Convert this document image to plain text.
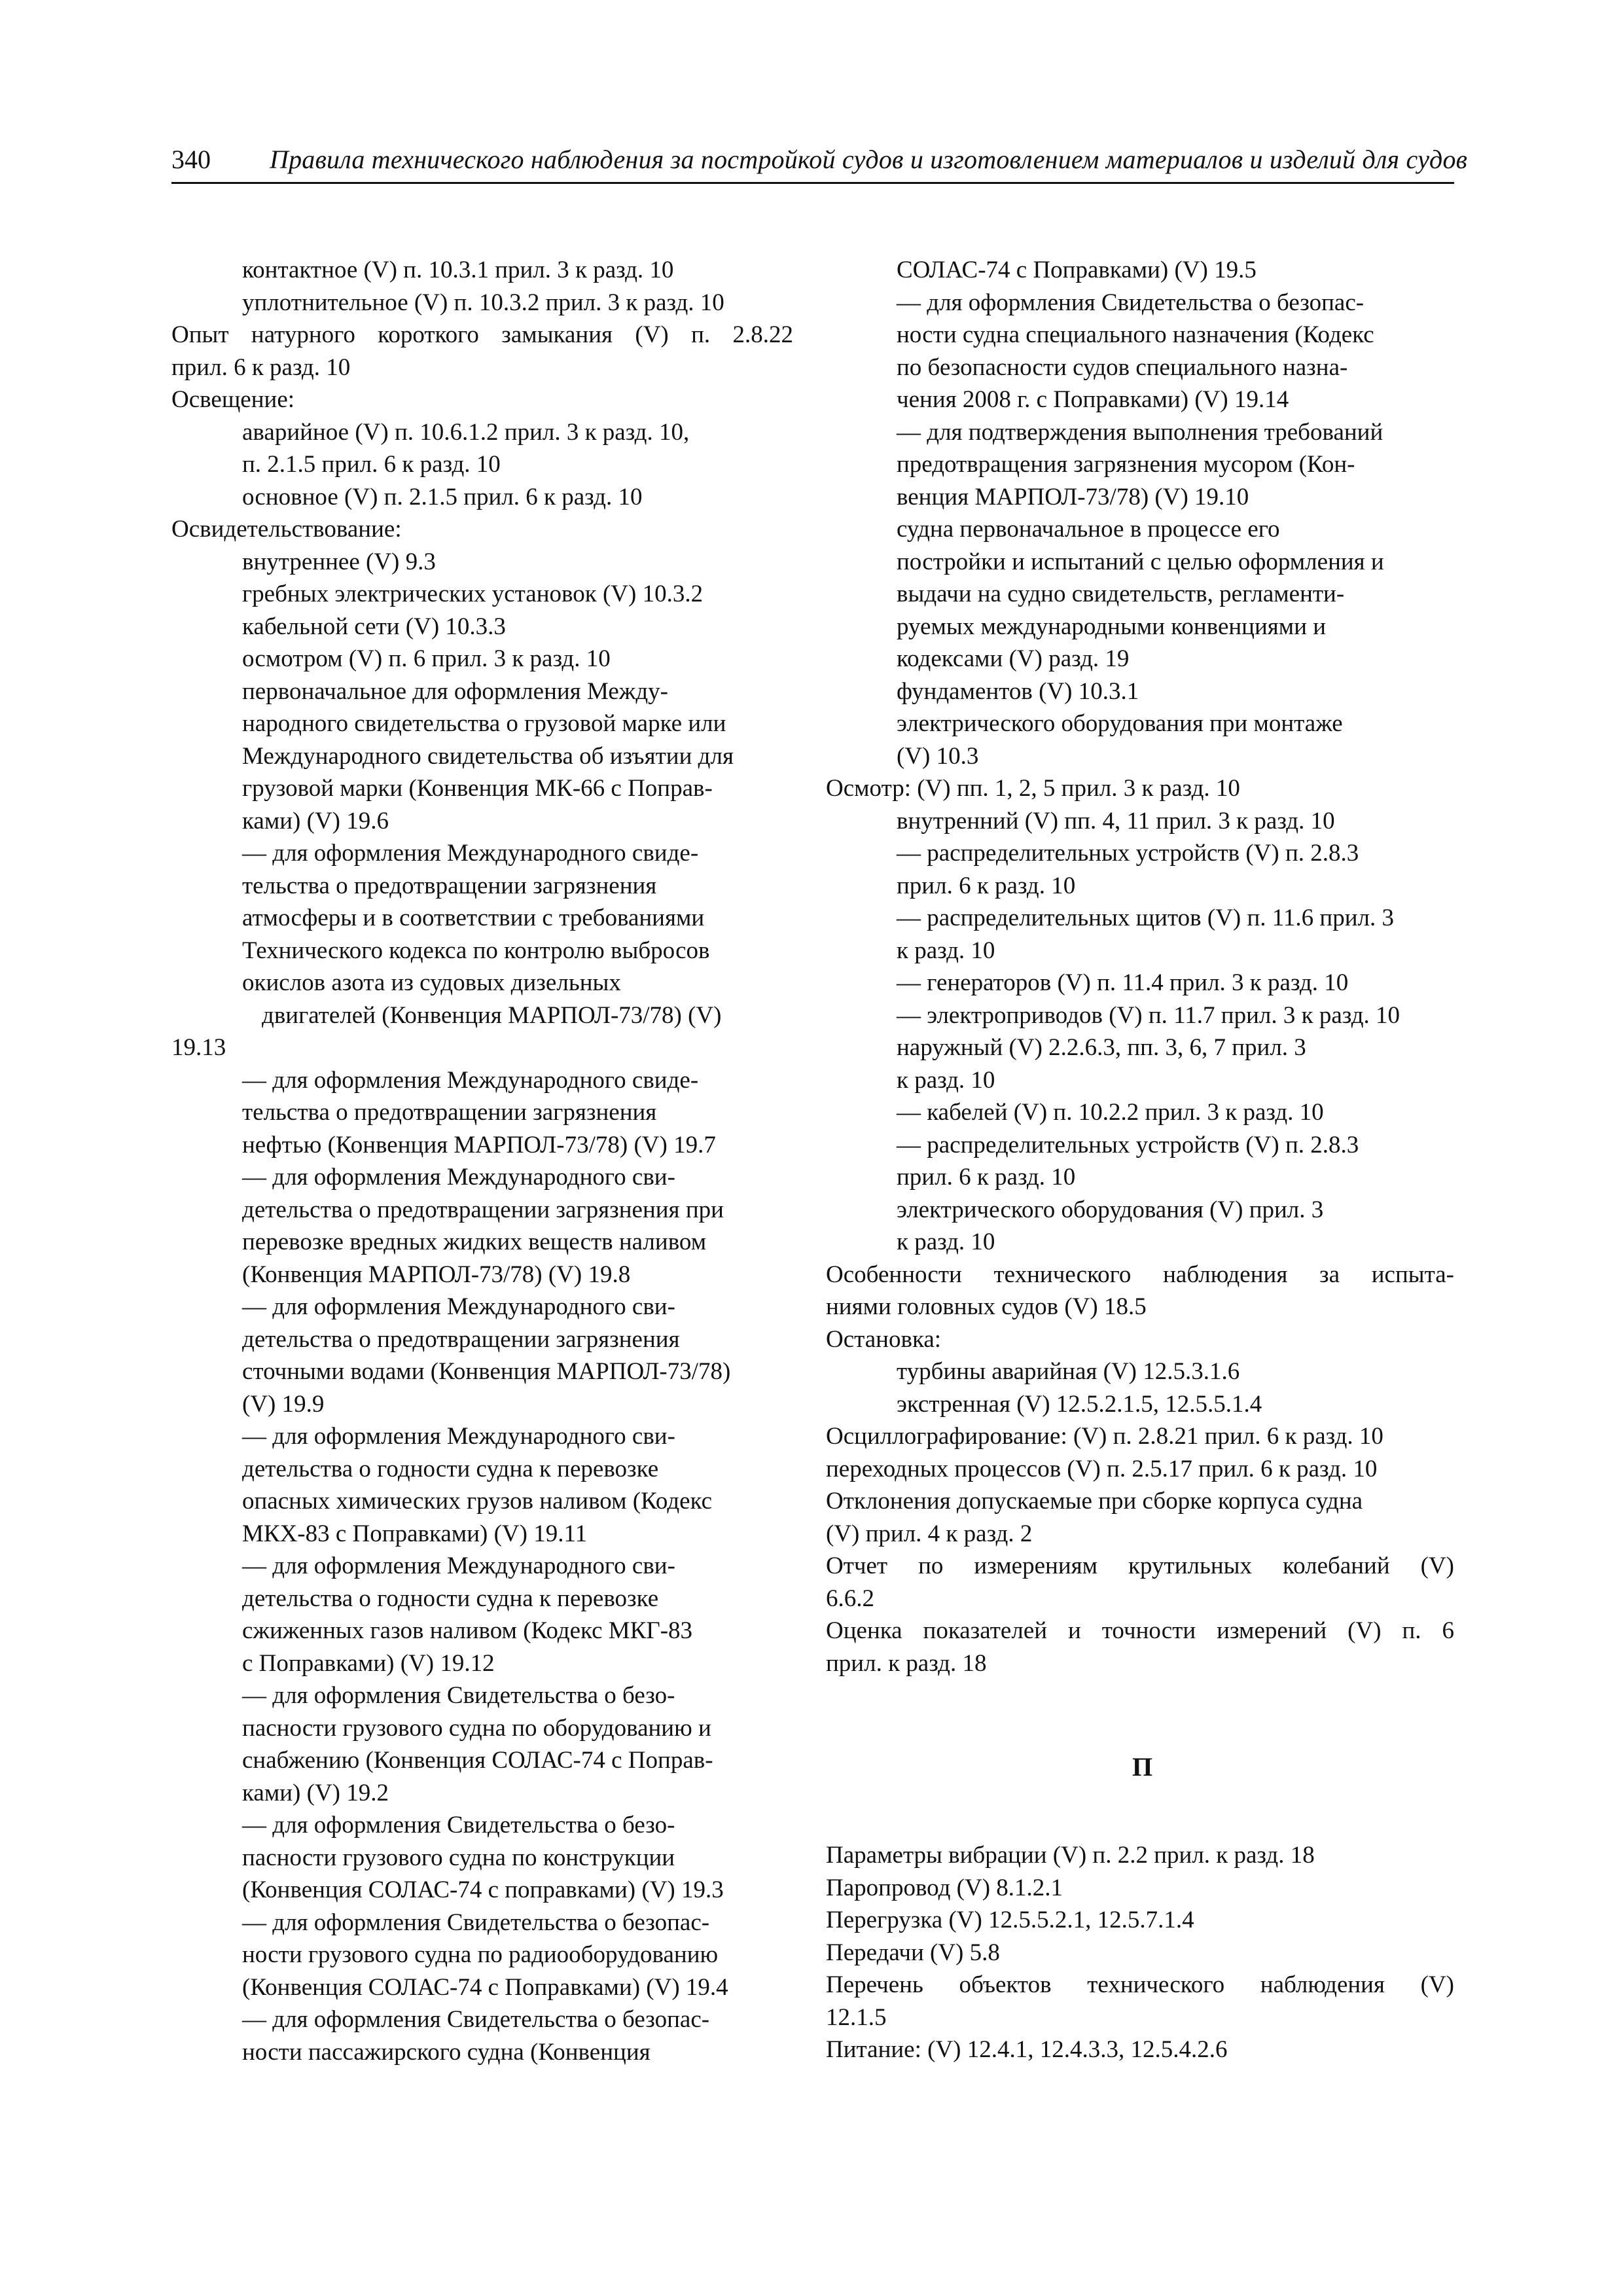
340 Правила технического наблюдения за постройкой судов и изготовлением материалов и изделий для судов
контактное (V) п. 10.3.1 прил. 3 к разд. 10
уплотнительное (V) п. 10.3.2 прил. 3 к разд. 10
Опыт натурного короткого замыкания (V) п. 2.8.22
прил. 6 к разд. 10
Освещение:
аварийное (V) п. 10.6.1.2 прил. 3 к разд. 10,
п. 2.1.5 прил. 6 к разд. 10
основное (V) п. 2.1.5 прил. 6 к разд. 10
Освидетельствование:
внутреннее (V) 9.3
гребных электрических установок (V) 10.3.2
кабельной сети (V) 10.3.3
осмотром (V) п. 6 прил. 3 к разд. 10
первоначальное для оформления Между-
народного свидетельства о грузовой марке или
Международного свидетельства об изъятии для
грузовой марки (Конвенция МК-66 с Поправ-
ками) (V) 19.6
— для оформления Международного свиде-
тельства о предотвращении загрязнения
атмосферы и в соответствии с требованиями
Технического кодекса по контролю выбросов
окислов азота из судовых дизельных
двигателей (Конвенция МАРПОЛ-73/78) (V)
19.13
— для оформления Международного свиде-
тельства о предотвращении загрязнения
нефтью (Конвенция МАРПОЛ-73/78) (V) 19.7
— для оформления Международного сви-
детельства о предотвращении загрязнения при
перевозке вредных жидких веществ наливом
(Конвенция МАРПОЛ-73/78) (V) 19.8
— для оформления Международного сви-
детельства о предотвращении загрязнения
сточными водами (Конвенция МАРПОЛ-73/78)
(V) 19.9
— для оформления Международного сви-
детельства о годности судна к перевозке
опасных химических грузов наливом (Кодекс
МКХ-83 с Поправками) (V) 19.11
— для оформления Международного сви-
детельства о годности судна к перевозке
сжиженных газов наливом (Кодекс МКГ-83
с Поправками) (V) 19.12
— для оформления Свидетельства о безо-
пасности грузового судна по оборудованию и
снабжению (Конвенция СОЛАС-74 с Поправ-
ками) (V) 19.2
— для оформления Свидетельства о безо-
пасности грузового судна по конструкции
(Конвенция СОЛАС-74 с поправками) (V) 19.3
— для оформления Свидетельства о безопас-
ности грузового судна по радиооборудованию
(Конвенция СОЛАС-74 с Поправками) (V) 19.4
— для оформления Свидетельства о безопас-
ности пассажирского судна (Конвенция
СОЛАС-74 с Поправками) (V) 19.5
— для оформления Свидетельства о безопас-
ности судна специального назначения (Кодекс
по безопасности судов специального назна-
чения 2008 г. с Поправками) (V) 19.14
— для подтверждения выполнения требований
предотвращения загрязнения мусором (Кон-
венция МАРПОЛ-73/78) (V) 19.10
судна первоначальное в процессе его
постройки и испытаний с целью оформления и
выдачи на судно свидетельств, регламенти-
руемых международными конвенциями и
кодексами (V) разд. 19
фундаментов (V) 10.3.1
электрического оборудования при монтаже
(V) 10.3
Осмотр: (V) пп. 1, 2, 5 прил. 3 к разд. 10
внутренний (V) пп. 4, 11 прил. 3 к разд. 10
— распределительных устройств (V) п. 2.8.3
прил. 6 к разд. 10
— распределительных щитов (V) п. 11.6 прил. 3
к разд. 10
— генераторов (V) п. 11.4 прил. 3 к разд. 10
— электроприводов (V) п. 11.7 прил. 3 к разд. 10
наружный (V) 2.2.6.3, пп. 3, 6, 7 прил. 3
к разд. 10
— кабелей (V) п. 10.2.2 прил. 3 к разд. 10
— распределительных устройств (V) п. 2.8.3
прил. 6 к разд. 10
электрического оборудования (V) прил. 3
к разд. 10
Особенности технического наблюдения за испыта-
ниями головных судов (V) 18.5
Остановка:
турбины аварийная (V) 12.5.3.1.6
экстренная (V) 12.5.2.1.5, 12.5.5.1.4
Осциллографирование: (V) п. 2.8.21 прил. 6 к разд. 10
переходных процессов (V) п. 2.5.17 прил. 6 к разд. 10
Отклонения допускаемые при сборке корпуса судна
(V) прил. 4 к разд. 2
Отчет по измерениям крутильных колебаний (V)
6.6.2
Оценка показателей и точности измерений (V) п. 6
прил. к разд. 18
П
Параметры вибрации (V) п. 2.2 прил. к разд. 18
Паропровод (V) 8.1.2.1
Перегрузка (V) 12.5.5.2.1, 12.5.7.1.4
Передачи (V) 5.8
Перечень объектов технического наблюдения (V)
12.1.5
Питание: (V) 12.4.1, 12.4.3.3, 12.5.4.2.6
